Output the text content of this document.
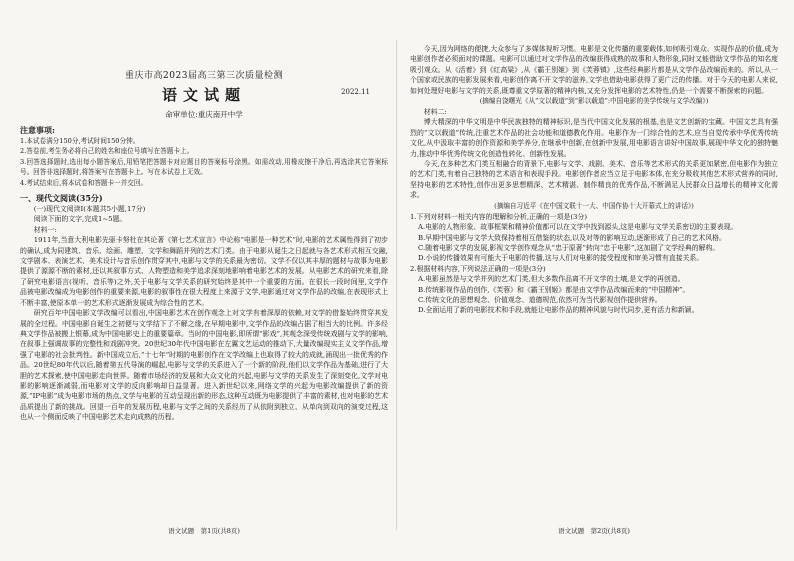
重庆市高2023届高三第三次质量检测
语文试题	2022.11
命审单位:重庆南开中学
注意事项:

1.本试卷满分150分,考试时间150分钟。

2.答卷前,考生务必将自己的姓名和座位号填写在答题卡上。

3.回答选择题时,选出每小题答案后,用铅笔把答题卡对应题目的答案标号涂黑。如需改动,用橡皮擦干净后,再选涂其它答案标号。回答非选择题时,将答案写在答题卡上。写在本试卷上无效。

4.考试结束后,将本试卷和答题卡一并交回。

一、现代文阅读(35分)

(一)现代文阅读Ⅰ(本题共5小题,17分)

阅读下面的文字,完成1~5题。

材料一:

1911年,当意大利电影先驱卡努杜在其论著《第七艺术宣言》中论称“电影是一种艺术”时,电影的艺术属性得到了初步的确认,成为同建筑、音乐、绘画、雕塑、文学和舞蹈并列的艺术门类。由于电影从诞生之日起就与各艺术形式相互交融,文学剧本、表演艺术、美术设计与音乐创作贯穿其中,电影与文学的关系最为密切。文学不仅以其丰厚的题材与故事为电影提供了源源不断的素材,还以其叙事方式、人物塑造和美学追求深刻地影响着电影艺术的发展。从电影艺术的研究来看,除了研究电影语言(视听、音乐等)之外,关于电影与文学关系的研究始终是其中一个重要的方面。在很长一段时间里,文学作品被电影改编成为电影创作的重要来源,电影的叙事性在很大程度上来源于文学,电影通过对文学作品的改编,在表现形式上不断丰富,使原本单一的艺术形式逐渐发展成为综合性的艺术。

研究百年中国电影文学改编可以看出,中国电影艺术在创作观念上对文学有着深厚的依赖,对文学的借鉴始终贯穿其发展的全过程。中国电影自诞生之初便与文学结下了不解之缘,在早期电影中,文学作品的改编占据了相当大的比例。许多经典文学作品被搬上银幕,成为中国电影史上的重要篇章。当时的中国电影,即所谓“影戏”,其观念深受传统戏剧与文学的影响,在叙事上强调故事的完整性和戏剧冲突。20世纪30年代中国电影在左翼文艺运动的推动下,大量改编现实主义文学作品,增强了电影的社会批判性。新中国成立后,“十七年”时期的电影创作在文学改编上也取得了较大的成就,涌现出一批优秀的作品。20世纪80年代以后,随着第五代导演的崛起,电影与文学的关系进入了一个新的阶段,他们以文学作品为基础,进行了大胆的艺术探索,使中国电影走向世界。随着市场经济的发展和大众文化的兴起,电影与文学的关系发生了深刻变化,文学对电影的影响逐渐减弱,而电影对文学的反向影响却日益显著。进入新世纪以来,网络文学的兴起为电影改编提供了新的资源,“IP电影”成为电影市场的热点,文学与电影的互动呈现出新的形态,这种互动既为电影提供了丰富的素材,也对电影的艺术品质提出了新的挑战。回望一百年的发展历程,电影与文学之间的关系经历了从依附到独立、从单向到双向的演变过程,这也从一个侧面反映了中国电影艺术走向成熟的历程。

语文试题　第1页(共8页)

今天,因为网络的便捷,大众参与了多媒体视听习惯。电影是文化传播的重要载体,如何吸引观众、实现作品的价值,成为电影创作者必须面对的课题。电影可以通过对文学作品的改编获得成熟的故事和人物形象,同时又能借助文学作品的知名度吸引观众。从《活着》到《红高粱》,从《霸王别姬》到《芙蓉镇》,这些经典影片都是从文学作品改编而来的。所以,从一个国家或民族的电影发展来看,电影创作离不开文学的滋养,文学也借助电影获得了更广泛的传播。对于今天的电影人来说,如何处理好电影与文学的关系,既尊重文学原著的精神内核,又充分发挥电影的艺术特性,仍是一个需要不断探索的问题。

(摘编自饶曙光《从“文以载道”到“影以载道”:中国电影的美学传统与文学改编》)

材料二:

博大精深的中华文明是中华民族独特的精神标识,是当代中国文化发展的根基,也是文艺创新的宝藏。中国文艺具有强烈的“文以载道”传统,注重艺术作品的社会功能和道德教化作用。电影作为一门综合性的艺术,应当自觉传承中华优秀传统文化,从中汲取丰富的创作资源和美学养分,在继承中创新,在创新中发展,用电影语言讲好中国故事,展现中华文化的独特魅力,推动中华优秀传统文化创造性转化、创新性发展。

今天,在多种艺术门类互相融合的背景下,电影与文学、戏剧、美术、音乐等艺术形式的关系更加紧密,但电影作为独立的艺术门类,有着自己独特的艺术语言和表现手段。电影创作者应当立足于电影本体,在充分吸收其他艺术形式营养的同时,坚持电影的艺术特性,创作出更多思想精深、艺术精湛、制作精良的优秀作品,不断满足人民群众日益增长的精神文化需求。

(摘编自习近平《在中国文联十一大、中国作协十大开幕式上的讲话》)

1.下列对材料一相关内容的理解和分析,正确的一项是(3分)

A.电影的人物形象、故事框架和精神价值都可以在文学中找到源头,这是电影与文学关系密切的主要表现。

B.早期中国电影与文学大致保持着相互借鉴的状态,以及对等的影响互动,逐渐形成了自己的艺术风格。

C.随着电影文学的发展,影视文学创作观念从“忠于原著”转向“忠于电影”,这加剧了文学经典的解构。

D.小说的传播效果有可能大于电影的传播,这与人们对电影的接受程度和审美习惯有直接关系。

2.根据材料内容,下列说法正确的一项是(3分)

A.电影虽然是与文学并列的艺术门类,但大多数作品离不开文学的土壤,是文学的再创造。

B.传统影视作品的创作,《芙蓉》和《霸王别姬》都是由文学作品改编而来的“中国精神”。

C.传统文化的思想观念、价值观念、道德规范,依然可为当代影视创作提供营养。

D.全面运用了新的电影技术和手段,就能让电影作品的精神风貌与时代同步,更有活力和新颖。

语文试题　第2页(共8页)
